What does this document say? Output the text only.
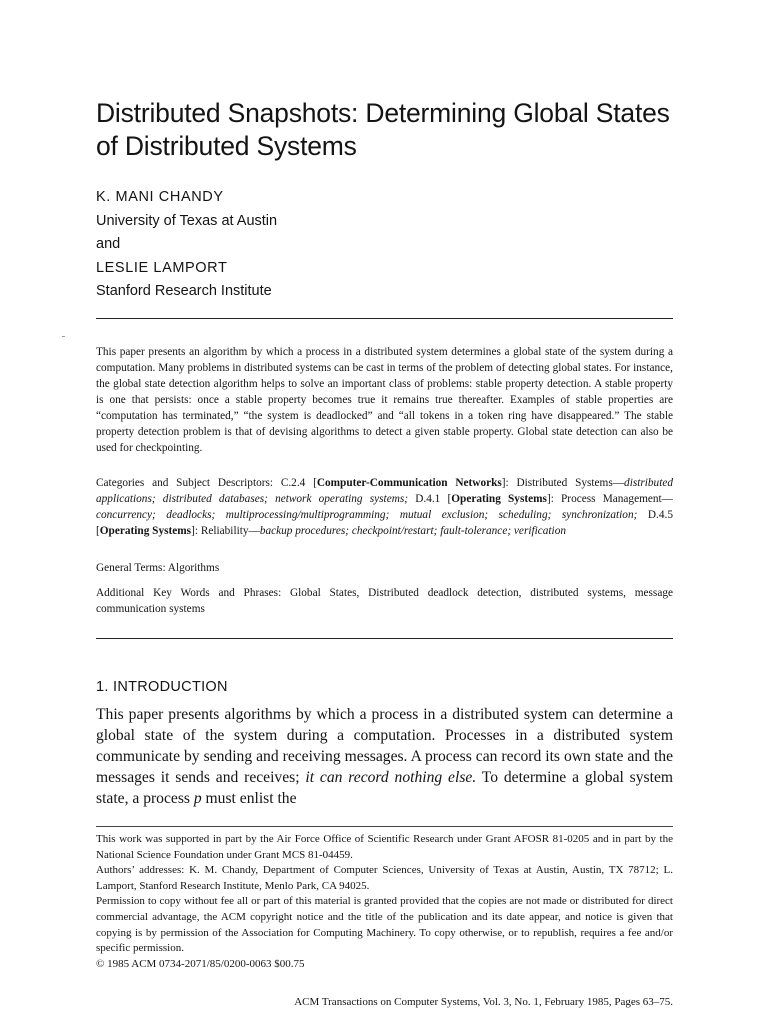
Distributed Snapshots: Determining Global States of Distributed Systems
K. MANI CHANDY
University of Texas at Austin
and
LESLIE LAMPORT
Stanford Research Institute

This paper presents an algorithm by which a process in a distributed system determines a global state of the system during a computation. Many problems in distributed systems can be cast in terms of the problem of detecting global states. For instance, the global state detection algorithm helps to solve an important class of problems: stable property detection. A stable property is one that persists: once a stable property becomes true it remains true thereafter. Examples of stable properties are “computation has terminated,” “the system is deadlocked” and “all tokens in a token ring have disappeared.” The stable property detection problem is that of devising algorithms to detect a given stable property. Global state detection can also be used for checkpointing.

Categories and Subject Descriptors: C.2.4 [Computer-Communication Networks]: Distributed Systems—distributed applications; distributed databases; network operating systems; D.4.1 [Operating Systems]: Process Management—concurrency; deadlocks; multiprocessing/multiprogramming; mutual exclusion; scheduling; synchronization; D.4.5 [Operating Systems]: Reliability—backup procedures; checkpoint/restart; fault-tolerance; verification

General Terms: Algorithms

Additional Key Words and Phrases: Global States, Distributed deadlock detection, distributed systems, message communication systems

1. INTRODUCTION

This paper presents algorithms by which a process in a distributed system can determine a global state of the system during a computation. Processes in a distributed system communicate by sending and receiving messages. A process can record its own state and the messages it sends and receives; it can record nothing else. To determine a global system state, a process p must enlist the

This work was supported in part by the Air Force Office of Scientific Research under Grant AFOSR 81-0205 and in part by the National Science Foundation under Grant MCS 81-04459.
Authors’ addresses: K. M. Chandy, Department of Computer Sciences, University of Texas at Austin, Austin, TX 78712; L. Lamport, Stanford Research Institute, Menlo Park, CA 94025.
Permission to copy without fee all or part of this material is granted provided that the copies are not made or distributed for direct commercial advantage, the ACM copyright notice and the title of the publication and its date appear, and notice is given that copying is by permission of the Association for Computing Machinery. To copy otherwise, or to republish, requires a fee and/or specific permission.
© 1985 ACM 0734-2071/85/0200-0063 $00.75
ACM Transactions on Computer Systems, Vol. 3, No. 1, February 1985, Pages 63–75.
